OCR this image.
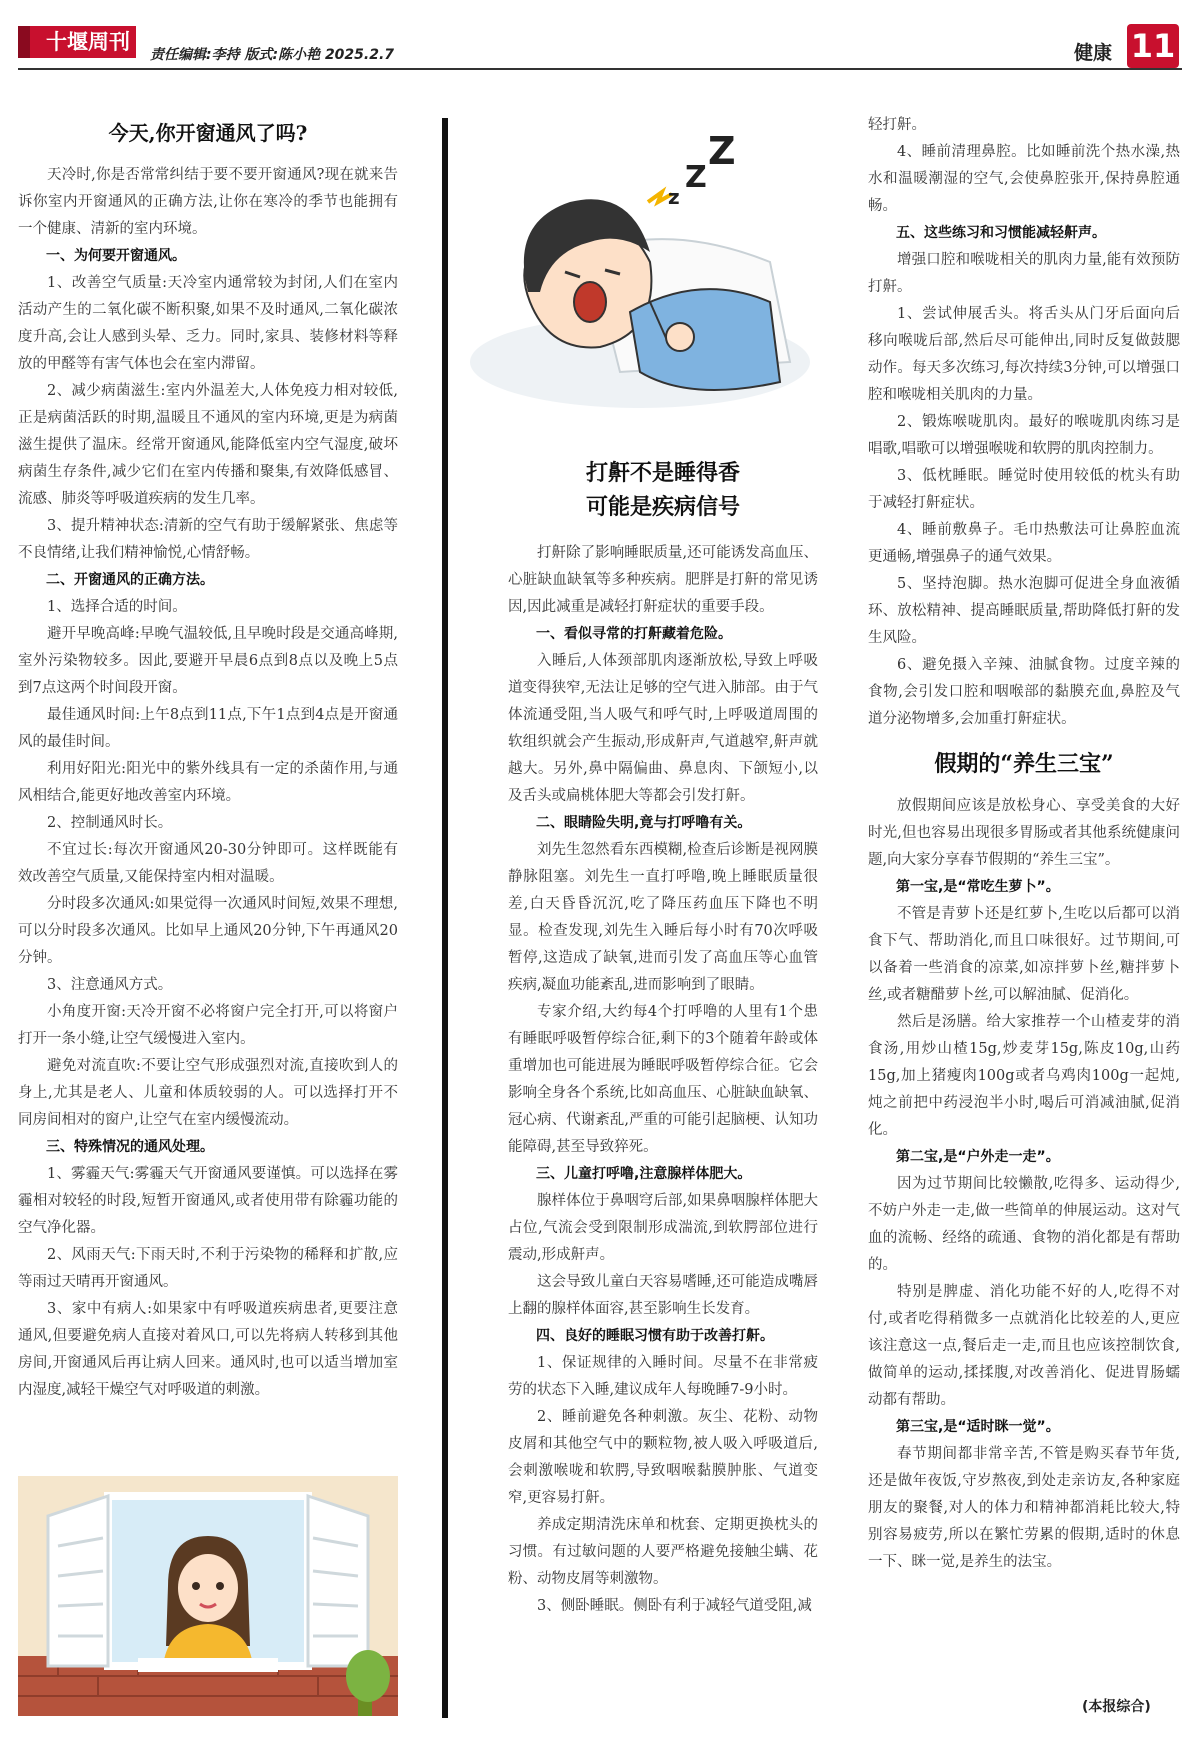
十堰周刊
责任编辑:李持 版式:陈小艳 2025.2.7	健康 11

今天,你开窗通风了吗?

天冷时,你是否常常纠结于要不要开窗通风?现在就来告诉你室内开窗通风的正确方法,让你在寒冷的季节也能拥有一个健康、清新的室内环境。

一、为何要开窗通风。

1、改善空气质量:天冷室内通常较为封闭,人们在室内活动产生的二氧化碳不断积聚,如果不及时通风,二氧化碳浓度升高,会让人感到头晕、乏力。同时,家具、装修材料等释放的甲醛等有害气体也会在室内滞留。

2、减少病菌滋生:室内外温差大,人体免疫力相对较低,正是病菌活跃的时期,温暖且不通风的室内环境,更是为病菌滋生提供了温床。经常开窗通风,能降低室内空气湿度,破坏病菌生存条件,减少它们在室内传播和聚集,有效降低感冒、流感、肺炎等呼吸道疾病的发生几率。

3、提升精神状态:清新的空气有助于缓解紧张、焦虑等不良情绪,让我们精神愉悦,心情舒畅。

二、开窗通风的正确方法。

1、选择合适的时间。

避开早晚高峰:早晚气温较低,且早晚时段是交通高峰期,室外污染物较多。因此,要避开早晨6点到8点以及晚上5点到7点这两个时间段开窗。

最佳通风时间:上午8点到11点,下午1点到4点是开窗通风的最佳时间。

利用好阳光:阳光中的紫外线具有一定的杀菌作用,与通风相结合,能更好地改善室内环境。

2、控制通风时长。

不宜过长:每次开窗通风20-30分钟即可。这样既能有效改善空气质量,又能保持室内相对温暖。

分时段多次通风:如果觉得一次通风时间短,效果不理想,可以分时段多次通风。比如早上通风20分钟,下午再通风20分钟。

3、注意通风方式。

小角度开窗:天冷开窗不必将窗户完全打开,可以将窗户打开一条小缝,让空气缓慢进入室内。

避免对流直吹:不要让空气形成强烈对流,直接吹到人的身上,尤其是老人、儿童和体质较弱的人。可以选择打开不同房间相对的窗户,让空气在室内缓慢流动。

三、特殊情况的通风处理。

1、雾霾天气:雾霾天气开窗通风要谨慎。可以选择在雾霾相对较轻的时段,短暂开窗通风,或者使用带有除霾功能的空气净化器。

2、风雨天气:下雨天时,不利于污染物的稀释和扩散,应等雨过天晴再开窗通风。

3、家中有病人:如果家中有呼吸道疾病患者,更要注意通风,但要避免病人直接对着风口,可以先将病人转移到其他房间,开窗通风后再让病人回来。通风时,也可以适当增加室内湿度,减轻干燥空气对呼吸道的刺激。

Z
Z
z
打鼾不是睡得香
可能是疾病信号

打鼾除了影响睡眠质量,还可能诱发高血压、心脏缺血缺氧等多种疾病。肥胖是打鼾的常见诱因,因此减重是减轻打鼾症状的重要手段。

一、看似寻常的打鼾藏着危险。

入睡后,人体颈部肌肉逐渐放松,导致上呼吸道变得狭窄,无法让足够的空气进入肺部。由于气体流通受阻,当人吸气和呼气时,上呼吸道周围的软组织就会产生振动,形成鼾声,气道越窄,鼾声就越大。另外,鼻中隔偏曲、鼻息肉、下颌短小,以及舌头或扁桃体肥大等都会引发打鼾。

二、眼睛险失明,竟与打呼噜有关。

刘先生忽然看东西模糊,检查后诊断是视网膜静脉阻塞。刘先生一直打呼噜,晚上睡眠质量很差,白天昏昏沉沉,吃了降压药血压下降也不明显。检查发现,刘先生入睡后每小时有70次呼吸暂停,这造成了缺氧,进而引发了高血压等心血管疾病,凝血功能紊乱,进而影响到了眼睛。

专家介绍,大约每4个打呼噜的人里有1个患有睡眠呼吸暂停综合征,剩下的3个随着年龄或体重增加也可能进展为睡眠呼吸暂停综合征。它会影响全身各个系统,比如高血压、心脏缺血缺氧、冠心病、代谢紊乱,严重的可能引起脑梗、认知功能障碍,甚至导致猝死。

三、儿童打呼噜,注意腺样体肥大。

腺样体位于鼻咽穹后部,如果鼻咽腺样体肥大占位,气流会受到限制形成湍流,到软腭部位进行震动,形成鼾声。

这会导致儿童白天容易嗜睡,还可能造成嘴唇上翻的腺样体面容,甚至影响生长发育。

四、良好的睡眠习惯有助于改善打鼾。

1、保证规律的入睡时间。尽量不在非常疲劳的状态下入睡,建议成年人每晚睡7-9小时。

2、睡前避免各种刺激。灰尘、花粉、动物皮屑和其他空气中的颗粒物,被人吸入呼吸道后,会刺激喉咙和软腭,导致咽喉黏膜肿胀、气道变窄,更容易打鼾。

养成定期清洗床单和枕套、定期更换枕头的习惯。有过敏问题的人要严格避免接触尘螨、花粉、动物皮屑等刺激物。

3、侧卧睡眠。侧卧有利于减轻气道受阻,减

轻打鼾。

4、睡前清理鼻腔。比如睡前洗个热水澡,热水和温暖潮湿的空气,会使鼻腔张开,保持鼻腔通畅。

五、这些练习和习惯能减轻鼾声。

增强口腔和喉咙相关的肌肉力量,能有效预防打鼾。

1、尝试伸展舌头。将舌头从门牙后面向后移向喉咙后部,然后尽可能伸出,同时反复做鼓腮动作。每天多次练习,每次持续3分钟,可以增强口腔和喉咙相关肌肉的力量。

2、锻炼喉咙肌肉。最好的喉咙肌肉练习是唱歌,唱歌可以增强喉咙和软腭的肌肉控制力。

3、低枕睡眠。睡觉时使用较低的枕头有助于减轻打鼾症状。

4、睡前敷鼻子。毛巾热敷法可让鼻腔血流更通畅,增强鼻子的通气效果。

5、坚持泡脚。热水泡脚可促进全身血液循环、放松精神、提高睡眠质量,帮助降低打鼾的发生风险。

6、避免摄入辛辣、油腻食物。过度辛辣的食物,会引发口腔和咽喉部的黏膜充血,鼻腔及气道分泌物增多,会加重打鼾症状。

假期的“养生三宝”

放假期间应该是放松身心、享受美食的大好时光,但也容易出现很多胃肠或者其他系统健康问题,向大家分享春节假期的“养生三宝”。

第一宝,是“常吃生萝卜”。

不管是青萝卜还是红萝卜,生吃以后都可以消食下气、帮助消化,而且口味很好。过节期间,可以备着一些消食的凉菜,如凉拌萝卜丝,糖拌萝卜丝,或者糖醋萝卜丝,可以解油腻、促消化。

然后是汤膳。给大家推荐一个山楂麦芽的消食汤,用炒山楂15g,炒麦芽15g,陈皮10g,山药15g,加上猪瘦肉100g或者乌鸡肉100g一起炖,炖之前把中药浸泡半小时,喝后可消减油腻,促消化。

第二宝,是“户外走一走”。

因为过节期间比较懒散,吃得多、运动得少,不妨户外走一走,做一些简单的伸展运动。这对气血的流畅、经络的疏通、食物的消化都是有帮助的。

特别是脾虚、消化功能不好的人,吃得不对付,或者吃得稍微多一点就消化比较差的人,更应该注意这一点,餐后走一走,而且也应该控制饮食,做简单的运动,揉揉腹,对改善消化、促进胃肠蠕动都有帮助。

第三宝,是“适时眯一觉”。

春节期间都非常辛苦,不管是购买春节年货,还是做年夜饭,守岁熬夜,到处走亲访友,各种家庭朋友的聚餐,对人的体力和精神都消耗比较大,特别容易疲劳,所以在繁忙劳累的假期,适时的休息一下、眯一觉,是养生的法宝。

(本报综合)
